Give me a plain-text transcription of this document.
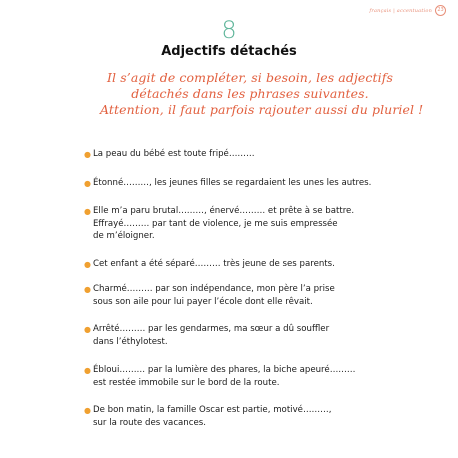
français | accentuation	23
8
Adjectifs détachés
Il s’agit de compléter, si besoin, les adjectifs
détachés dans les phrases suivantes.
Attention, il faut parfois rajouter aussi du pluriel !
● La peau du bébé est toute fripé………
● Étonné………, les jeunes filles se regardaient les unes les autres.
● Elle m’a paru brutal………, énervé……… et prête à se battre.
Effrayé……… par tant de violence, je me suis empressée
de m’éloigner.
● Cet enfant a été séparé……… très jeune de ses parents.
● Charmé……… par son indépendance, mon père l’a prise
sous son aile pour lui payer l’école dont elle rêvait.
● Arrêté……… par les gendarmes, ma sœur a dû souffler
dans l’éthylotest.
● Ébloui……… par la lumière des phares, la biche apeuré………
est restée immobile sur le bord de la route.
● De bon matin, la famille Oscar est partie, motivé………,
sur la route des vacances.
